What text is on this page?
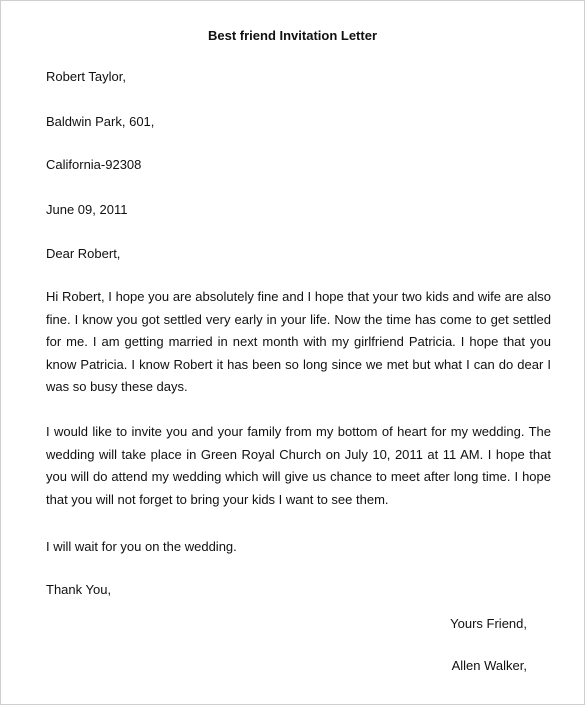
Best friend Invitation Letter
Robert Taylor,
Baldwin Park, 601,
California-92308
June 09, 2011
Dear Robert,
Hi Robert, I hope you are absolutely fine and I hope that your two kids and wife are also fine. I know you got settled very early in your life. Now the time has come to get settled for me. I am getting married in next month with my girlfriend Patricia. I hope that you know Patricia. I know Robert it has been so long since we met but what I can do dear I was so busy these days.
I would like to invite you and your family from my bottom of heart for my wedding. The wedding will take place in Green Royal Church on July 10, 2011 at 11 AM. I hope that you will do attend my wedding which will give us chance to meet after long time. I hope that you will not forget to bring your kids I want to see them.
I will wait for you on the wedding.
Thank You,
Yours Friend,
Allen Walker,
